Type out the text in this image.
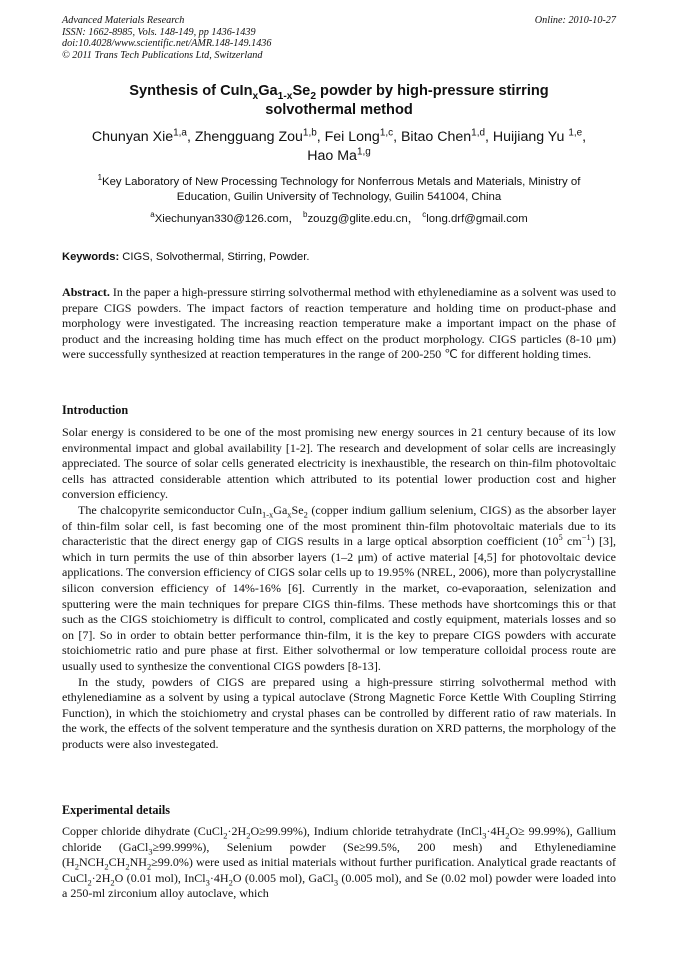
Advanced Materials Research
ISSN: 1662-8985, Vols. 148-149, pp 1436-1439
doi:10.4028/www.scientific.net/AMR.148-149.1436
© 2011 Trans Tech Publications Ltd, Switzerland
Online: 2010-10-27
Synthesis of $CuIn_xGa_{1-x}Se_2$ powder by high-pressure stirring
solvothermal method
Chunyan Xie$^{1,a}$, Zhengguang Zou$^{1,b}$, Fei Long$^{1,c}$, Bitao Chen$^{1,d}$, Huijiang Yu $^{1,e}$,
Hao Ma$^{1,g}$
$^1$Key Laboratory of New Processing Technology for Nonferrous Metals and Materials, Ministry of
Education, Guilin University of Technology, Guilin 541004, China
$^a$Xiechunyan330@126.com， $^b$zouzg@glite.edu.cn， $^c$long.drf@gmail.com
Keywords: CIGS, Solvothermal, Stirring, Powder.

Abstract. In the paper a high-pressure stirring solvothermal method with ethylenediamine as a solvent was used to prepare CIGS powders. The impact factors of reaction temperature and holding time on product-phase and morphology were investigated. The increasing reaction temperature make a important impact on the phase of product and the increasing holding time has much effect on the product morphology. CIGS particles (8-10 μm) were successfully synthesized at reaction temperatures in the range of 200-250 ℃ for different holding times.

Introduction

Solar energy is considered to be one of the most promising new energy sources in 21 century because of its low environmental impact and global availability [1-2]. The research and development of solar cells are increasingly appreciated. The source of solar cells generated electricity is inexhaustible, the research on thin-film photovoltaic cells has attracted considerable attention which attributed to its potential lower production cost and higher conversion efficiency.

The chalcopyrite semiconductor $CuIn_{1-x}Ga_xSe_2$ (copper indium gallium selenium, CIGS) as the absorber layer of thin-film solar cell, is fast becoming one of the most prominent thin-film photovoltaic materials due to its characteristic that the direct energy gap of CIGS results in a large optical absorption coefficient ($10^5$ $cm^{-1}$) [3], which in turn permits the use of thin absorber layers (1–2 μm) of active material [4,5] for photovoltaic device applications. The conversion efficiency of CIGS solar cells up to 19.95% (NREL, 2006), more than polycrystalline silicon conversion efficiency of 14%-16% [6]. Currently in the market, co-evaporaation, selenization and sputtering were the main techniques for prepare CIGS thin-films. These methods have shortcomings this or that such as the CIGS stoichiometry is difficult to control, complicated and costly equipment, materials losses and so on [7]. So in order to obtain better performance thin-film, it is the key to prepare CIGS powders with accurate stoichiometric ratio and pure phase at first. Either solvothermal or low temperature colloidal process route are usually used to synthesize the conventional CIGS powders [8-13].

In the study, powders of CIGS are prepared using a high-pressure stirring solvothermal method with ethylenediamine as a solvent by using a typical autoclave (Strong Magnetic Force Kettle With Coupling Stirring Function), in which the stoichiometry and crystal phases can be controlled by different ratio of raw materials. In the work, the effects of the solvent temperature and the synthesis duration on XRD patterns, the morphology of the products were also investegated.

Experimental details

Copper chloride dihydrate $(CuCl_2\cdot 2H_2O\ge 99.99\%)$, Indium chloride tetrahydrate $(InCl_3\cdot 4H_2O\ge 99.99\%)$, Gallium chloride (GaCl$_3$≥99.999%), Selenium powder (Se≥99.5%, 200 mesh) and Ethylenediamine $(H_2NCH_2CH_2NH_2\ge 99.0\%)$ were used as initial materials without further purification. Analytical grade reactants of $CuCl_2\cdot 2H_2O$ (0.01 mol), $InCl_3\cdot 4H_2O$ (0.005 mol), GaCl$_3$ (0.005 mol), and Se (0.02 mol) powder were loaded into a 250-ml zirconium alloy autoclave, which
